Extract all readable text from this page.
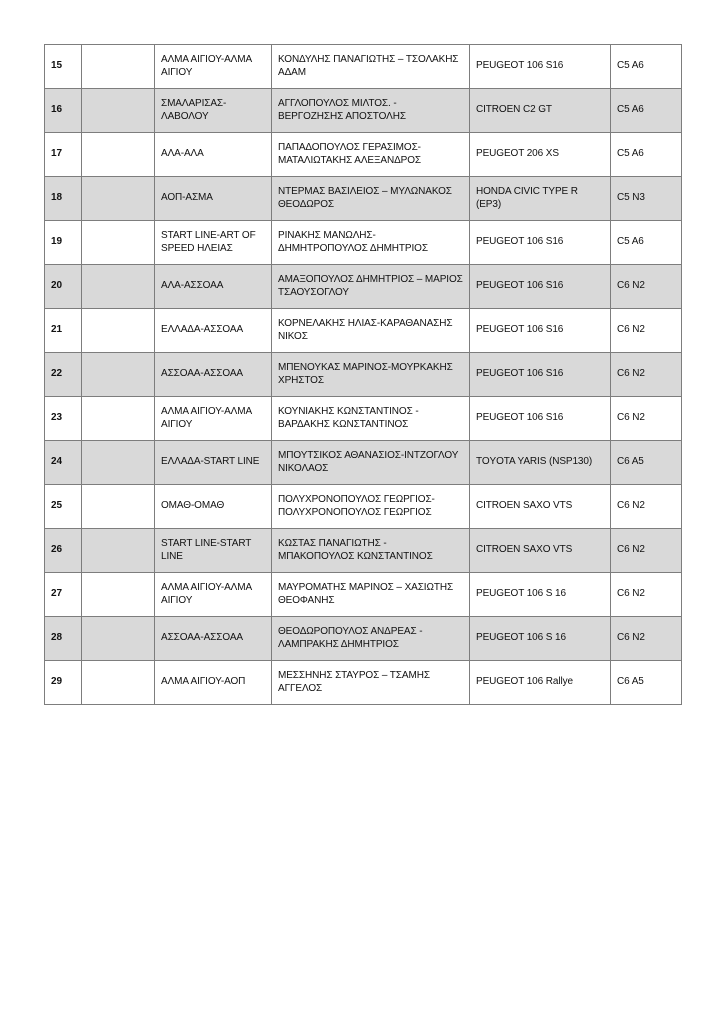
15		ΑΛΜΑ ΑΙΓΙΟΥ-ΑΛΜΑ ΑΙΓΙΟΥ	ΚΟΝΔΥΛΗΣ ΠΑΝΑΓΙΩΤΗΣ – ΤΣΟΛΑΚΗΣ ΑΔΑΜ	PEUGEOT 106 S16	C5 A6
16		ΣΜΑΛΑΡΙΣΑΣ-ΛΑΒΟΛΟΥ	ΑΓΓΛΟΠΟΥΛΟΣ ΜΙΛΤΟΣ. - ΒΕΡΓΟΖΗΣΗΣ ΑΠΟΣΤΟΛΗΣ	CITROEN C2 GT	C5 A6
17		ΑΛΑ-ΑΛΑ	ΠΑΠΑΔΟΠΟΥΛΟΣ ΓΕΡΑΣΙΜΟΣ-ΜΑΤΑΛΙΩΤΑΚΗΣ ΑΛΕΞΑΝΔΡΟΣ	PEUGEOT 206 XS	C5 A6
18		ΑΟΠ-ΑΣΜΑ	ΝΤΕΡΜΑΣ ΒΑΣΙΛΕΙΟΣ – ΜΥΛΩΝΑΚΟΣ ΘΕΟΔΩΡΟΣ	HONDA CIVIC TYPE R (EP3)	C5 N3
19		START LINE-ART OF SPEED ΗΛΕΙΑΣ	ΡΙΝΑΚΗΣ ΜΑΝΩΛΗΣ-ΔΗΜΗΤΡΟΠΟΥΛΟΣ ΔΗΜΗΤΡΙΟΣ	PEUGEOT 106 S16	C5 A6
20		ΑΛΑ-ΑΣΣΟΑΑ	ΑΜΑΞΟΠΟΥΛΟΣ ΔΗΜΗΤΡΙΟΣ – ΜΑΡΙΟΣ ΤΣΑΟΥΣΟΓΛΟΥ	PEUGEOT 106 S16	C6 N2
21		ΕΛΛΑΔΑ-ΑΣΣΟΑΑ	ΚΟΡΝΕΛΑΚΗΣ ΗΛΙΑΣ-ΚΑΡΑΘΑΝΑΣΗΣ ΝΙΚΟΣ	PEUGEOT 106 S16	C6 N2
22		ΑΣΣΟΑΑ-ΑΣΣΟΑΑ	ΜΠΕΝΟΥΚΑΣ ΜΑΡΙΝΟΣ-ΜΟΥΡΚΑΚΗΣ ΧΡΗΣΤΟΣ	PEUGEOT 106 S16	C6 N2
23		ΑΛΜΑ ΑΙΓΙΟΥ-ΑΛΜΑ ΑΙΓΙΟΥ	ΚΟΥΝΙΑΚΗΣ ΚΩΝΣΤΑΝΤΙΝΟΣ - ΒΑΡΔΑΚΗΣ ΚΩΝΣΤΑΝΤΙΝΟΣ	PEUGEOT 106 S16	C6 N2
24		ΕΛΛΑΔΑ-START LINE	ΜΠΟΥΤΣΙΚΟΣ ΑΘΑΝΑΣΙΟΣ-ΙΝΤΖΟΓΛΟΥ ΝΙΚΟΛΑΟΣ	TOYOTA YARIS (NSP130)	C6 A5
25		ΟΜΑΘ-ΟΜΑΘ	ΠΟΛΥΧΡΟΝΟΠΟΥΛΟΣ ΓΕΩΡΓΙΟΣ-ΠΟΛΥΧΡΟΝΟΠΟΥΛΟΣ ΓΕΩΡΓΙΟΣ	CITROEN SAXO VTS	C6 N2
26		START LINE-START LINE	ΚΩΣΤΑΣ ΠΑΝΑΓΙΩΤΗΣ - ΜΠΑΚΟΠΟΥΛΟΣ ΚΩΝΣΤΑΝΤΙΝΟΣ	CITROEN SAXO VTS	C6 N2
27		ΑΛΜΑ ΑΙΓΙΟΥ-ΑΛΜΑ ΑΙΓΙΟΥ	ΜΑΥΡΟΜΑΤΗΣ ΜΑΡΙΝΟΣ – ΧΑΣΙΩΤΗΣ ΘΕΟΦΑΝΗΣ	PEUGEOT 106 S 16	C6 N2
28		ΑΣΣΟΑΑ-ΑΣΣΟΑΑ	ΘΕΟΔΩΡΟΠΟΥΛΟΣ ΑΝΔΡΕΑΣ - ΛΑΜΠΡΑΚΗΣ ΔΗΜΗΤΡΙΟΣ	PEUGEOT 106 S 16	C6 N2
29		ΑΛΜΑ ΑΙΓΙΟΥ-ΑΟΠ	ΜΕΣΣΗΝΗΣ ΣΤΑΥΡΟΣ – ΤΣΑΜΗΣ ΑΓΓΕΛΟΣ	PEUGEOT 106 Rallye	C6 A5
